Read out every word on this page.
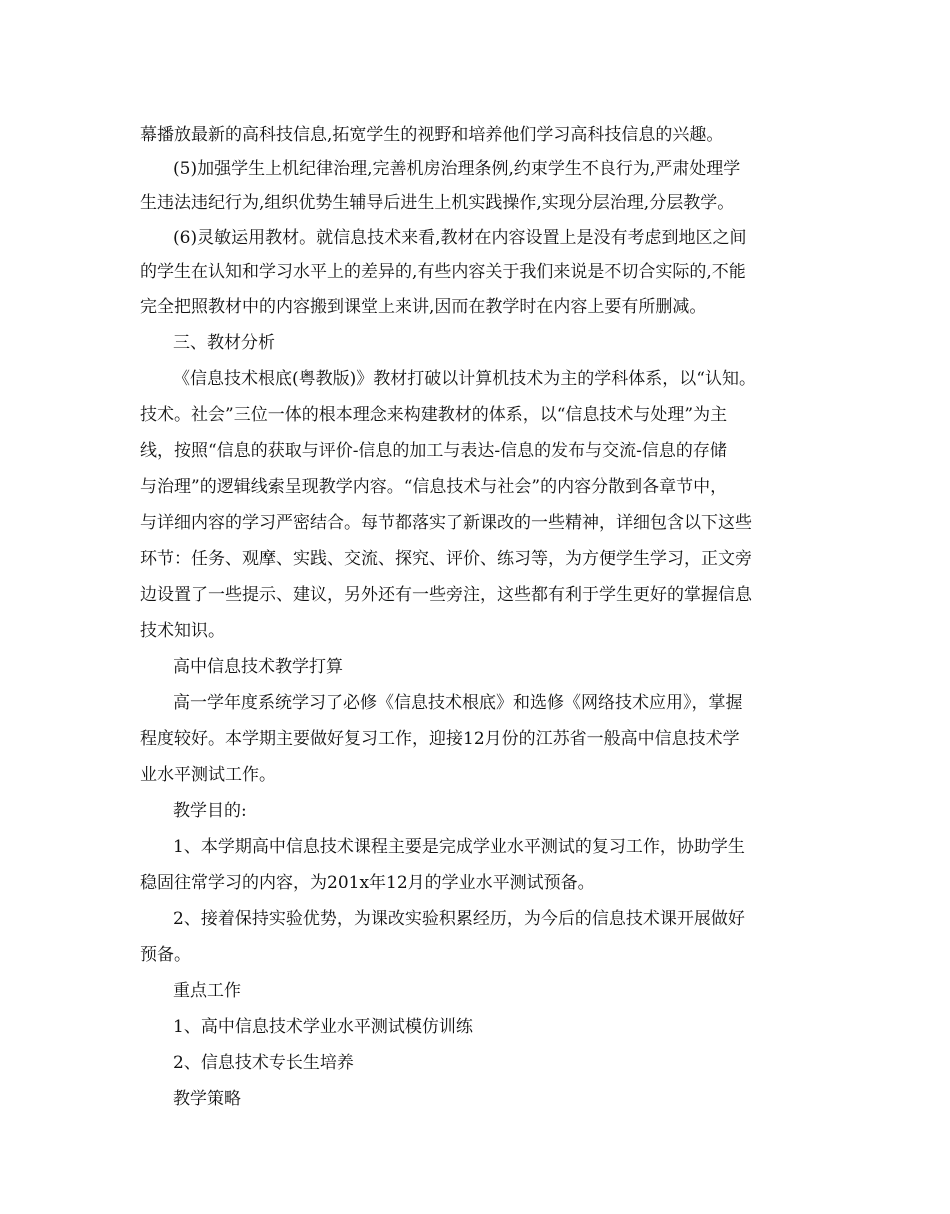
幕播放最新的高科技信息,拓宽学生的视野和培养他们学习高科技信息的兴趣。
(5)加强学生上机纪律治理,完善机房治理条例,约束学生不良行为,严肃处理学
生违法违纪行为,组织优势生辅导后进生上机实践操作,实现分层治理,分层教学。
(6)灵敏运用教材。就信息技术来看,教材在内容设置上是没有考虑到地区之间
的学生在认知和学习水平上的差异的,有些内容关于我们来说是不切合实际的,不能
完全把照教材中的内容搬到课堂上来讲,因而在教学时在内容上要有所删减。
三、教材分析
《信息技术根底(粤教版)》教材打破以计算机技术为主的学科体系，以“认知。
技术。社会”三位一体的根本理念来构建教材的体系，以“信息技术与处理”为主
线，按照“信息的获取与评价-信息的加工与表达-信息的发布与交流-信息的存储
与治理”的逻辑线索呈现教学内容。“信息技术与社会”的内容分散到各章节中，
与详细内容的学习严密结合。每节都落实了新课改的一些精神，详细包含以下这些
环节：任务、观摩、实践、交流、探究、评价、练习等，为方便学生学习，正文旁
边设置了一些提示、建议，另外还有一些旁注，这些都有利于学生更好的掌握信息
技术知识。
高中信息技术教学打算
高一学年度系统学习了必修《信息技术根底》和选修《网络技术应用》，掌握
程度较好。本学期主要做好复习工作，迎接12月份的江苏省一般高中信息技术学
业水平测试工作。
教学目的:
1、本学期高中信息技术课程主要是完成学业水平测试的复习工作，协助学生
稳固往常学习的内容，为201x年12月的学业水平测试预备。
2、接着保持实验优势，为课改实验积累经历，为今后的信息技术课开展做好
预备。
重点工作
1、高中信息技术学业水平测试模仿训练
2、信息技术专长生培养
教学策略
